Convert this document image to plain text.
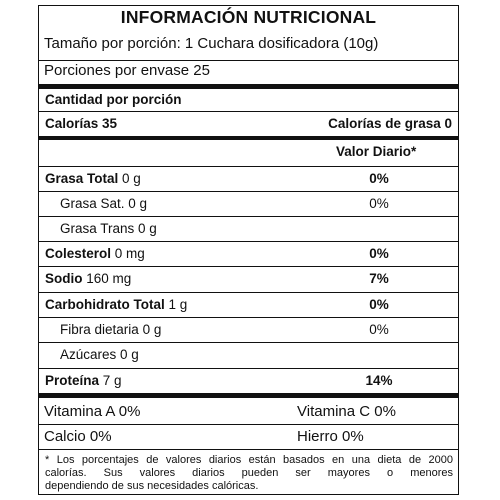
INFORMACIÓN NUTRICIONAL
Tamaño por porción: 1 Cuchara dosificadora (10g)
Porciones por envase 25
Cantidad por porción
Calorías 35	Calorías de grasa 0
Valor Diario*
Grasa Total 0 g	0%
Grasa Sat. 0 g	0%
Grasa Trans 0 g
Colesterol 0 mg	0%
Sodio 160 mg	7%
Carbohidrato Total 1 g	0%
Fibra dietaria 0 g	0%
Azúcares 0 g
Proteína 7 g	14%
Vitamina A 0%	Vitamina C 0%
Calcio 0%	Hierro 0%
* Los porcentajes de valores diarios están basados en una dieta de 2000
calorías. Sus valores diarios pueden ser mayores o menores
dependiendo de sus necesidades calóricas.
